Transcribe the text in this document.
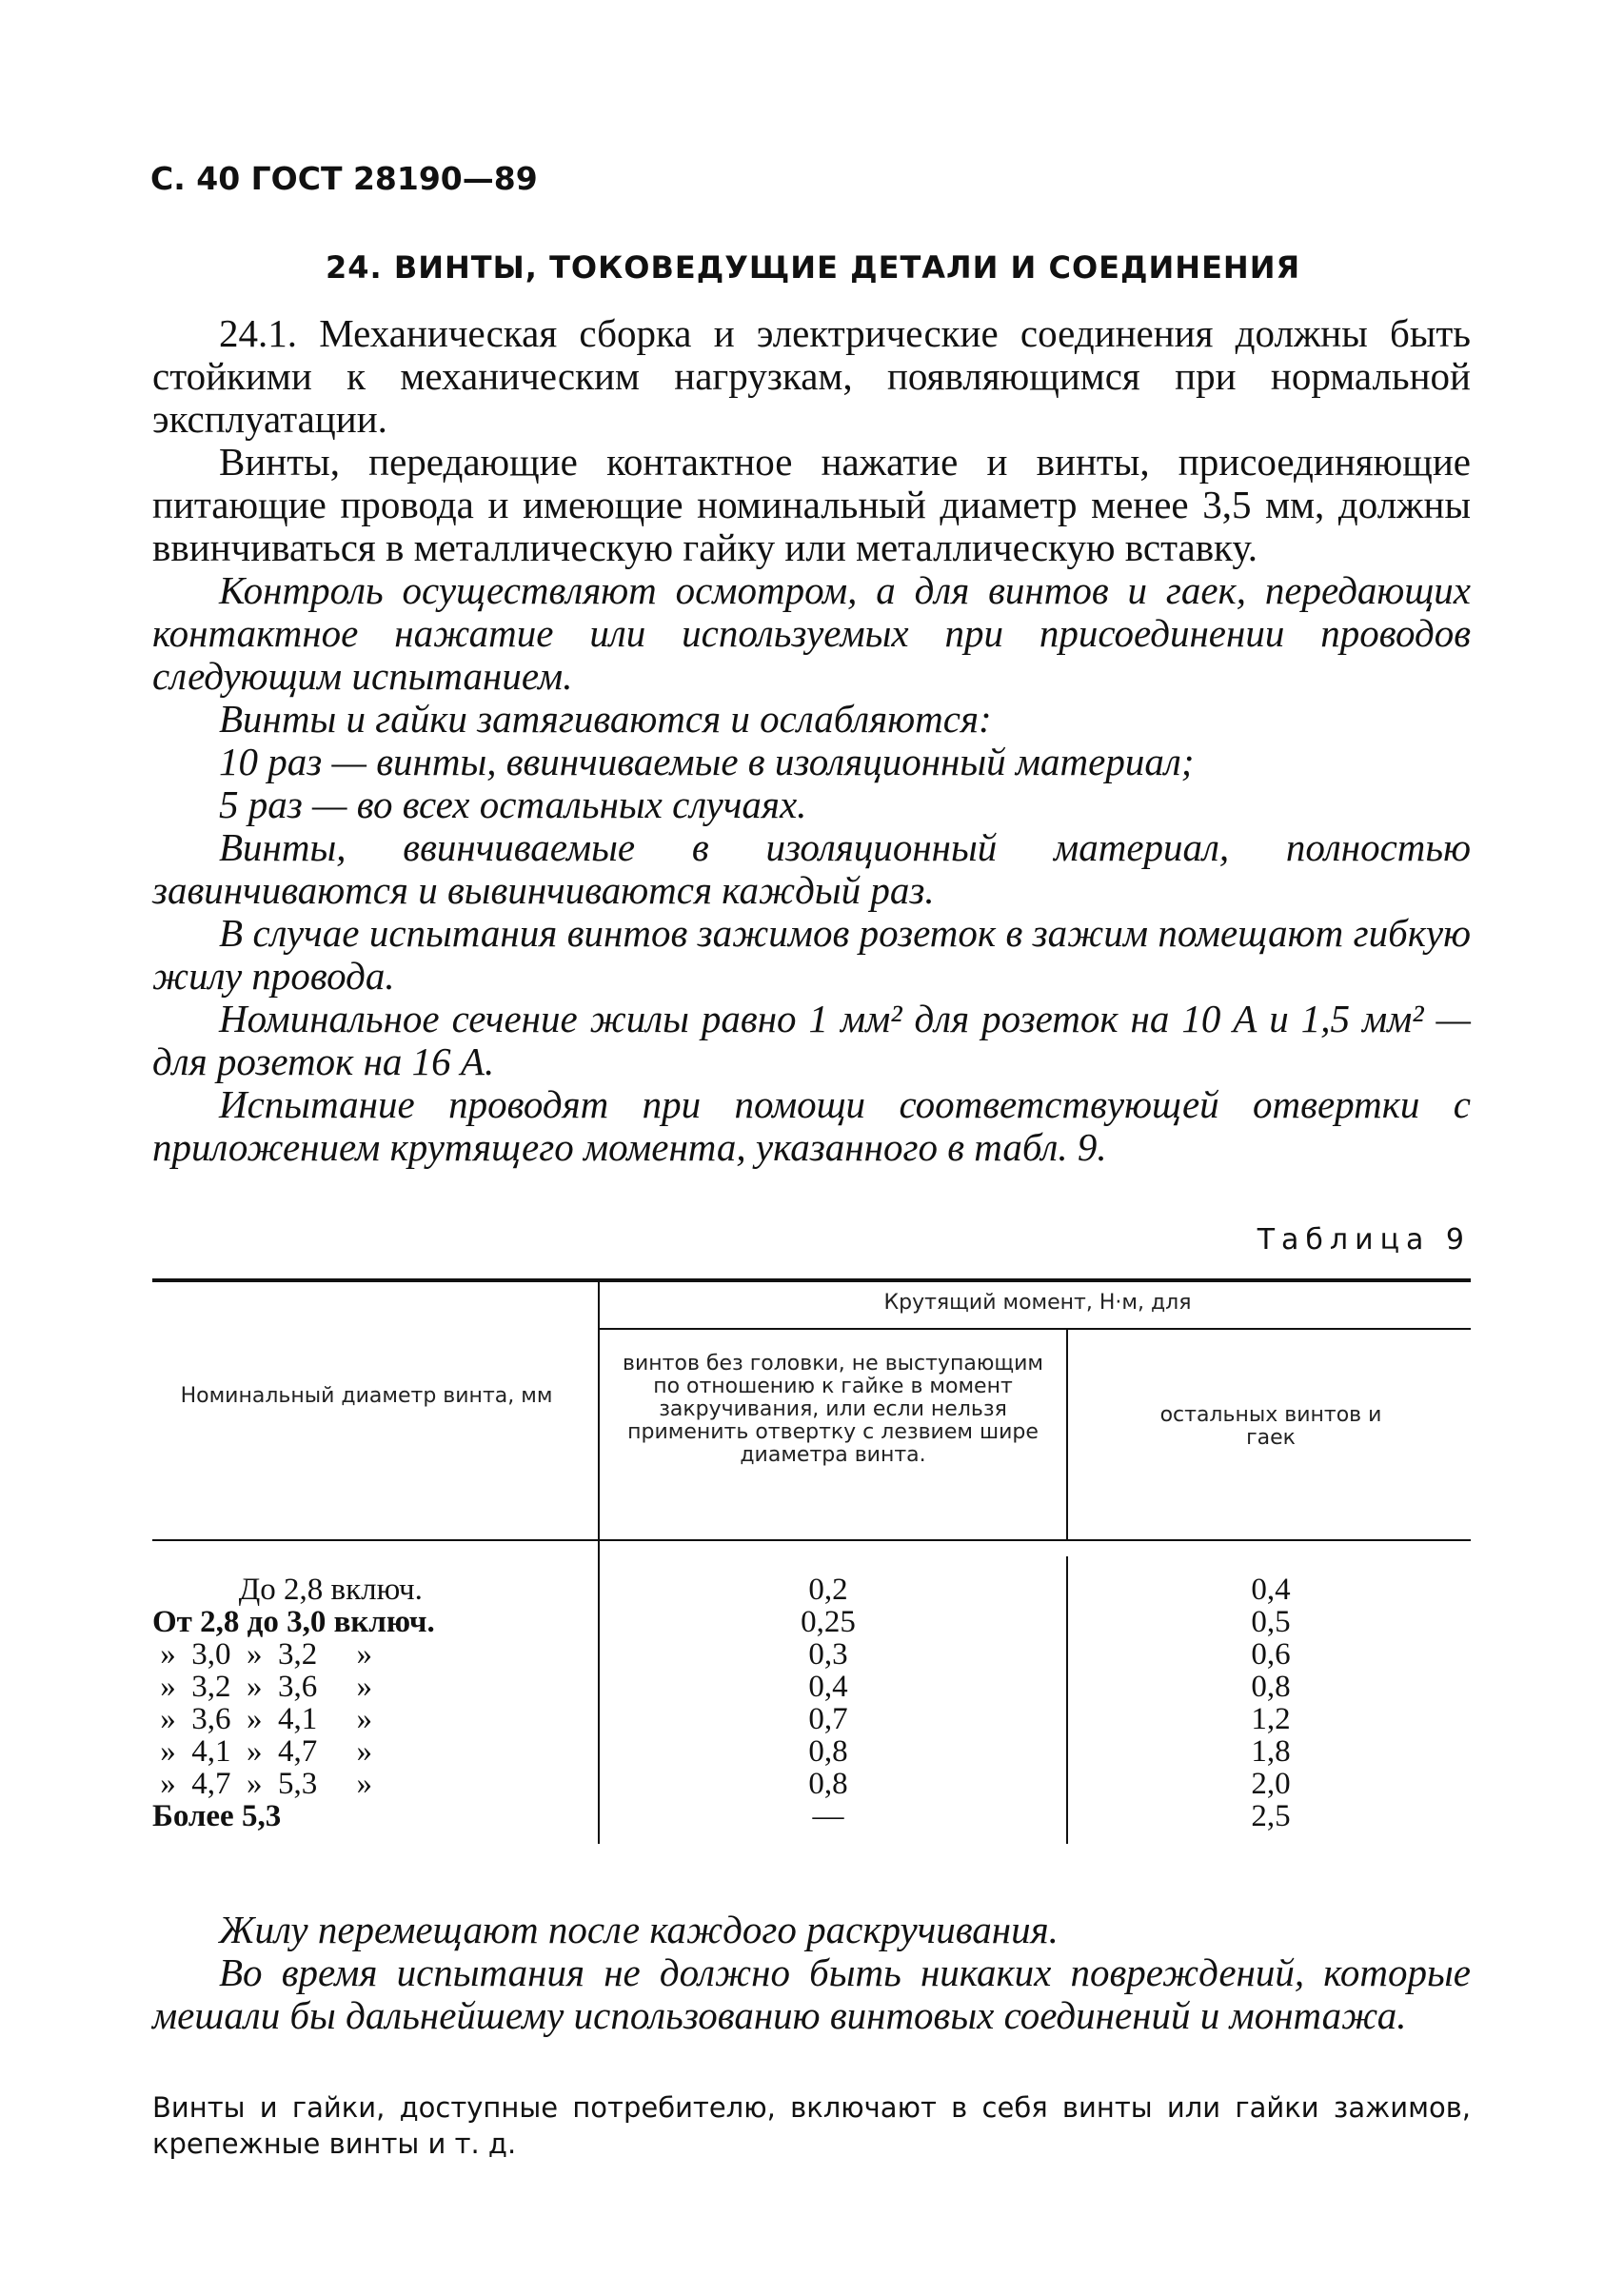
С. 40 ГОСТ 28190—89
24. ВИНТЫ, ТОКОВЕДУЩИЕ ДЕТАЛИ И СОЕДИНЕНИЯ

24.1. Механическая сборка и электрические соединения должны быть стойкими к механическим нагрузкам, появляющимся при нормальной эксплуатации.

Винты, передающие контактное нажатие и винты, присоединяющие питающие провода и имеющие номинальный диаметр менее 3,5 мм, должны ввинчиваться в металлическую гайку или металлическую вставку.

Контроль осуществляют осмотром, а для винтов и гаек, передающих контактное нажатие или используемых при присоединении проводов следующим испытанием.

Винты и гайки затягиваются и ослабляются:

10 раз — винты, ввинчиваемые в изоляционный материал;

5 раз — во всех остальных случаях.

Винты, ввинчиваемые в изоляционный материал, полностью завинчиваются и вывинчиваются каждый раз.

В случае испытания винтов зажимов розеток в зажим помещают гибкую жилу провода.

Номинальное сечение жилы равно 1 мм² для розеток на 10 А и 1,5 мм² — для розеток на 16 А.

Испытание проводят при помощи соответствующей отвертки с приложением крутящего момента, указанного в табл. 9.

Таблица 9
Номинальный диаметр винта, мм
Крутящий момент, Н·м, для
винтов без головки, не выступающим по отношению к гайке в момент закручивания, или если нельзя применить отвертку с лезвием шире диаметра винта.
остальных винтов и гаек
До 2,8 включ.	0,2	0,4
От 2,8 до 3,0 включ.	0,25	0,5
»  3,0  »  3,2     »	0,3	0,6
»  3,2  »  3,6     »	0,4	0,8
»  3,6  »  4,1     »	0,7	1,2
»  4,1  »  4,7     »	0,8	1,8
»  4,7  »  5,3     »	0,8	2,0
Более 5,3	—	2,5

Жилу перемещают после каждого раскручивания.

Во время испытания не должно быть никаких повреждений, которые мешали бы дальнейшему использованию винтовых соединений и монтажа.

Винты и гайки, доступные потребителю, включают в себя винты или гайки зажимов, крепежные винты и т. д.
